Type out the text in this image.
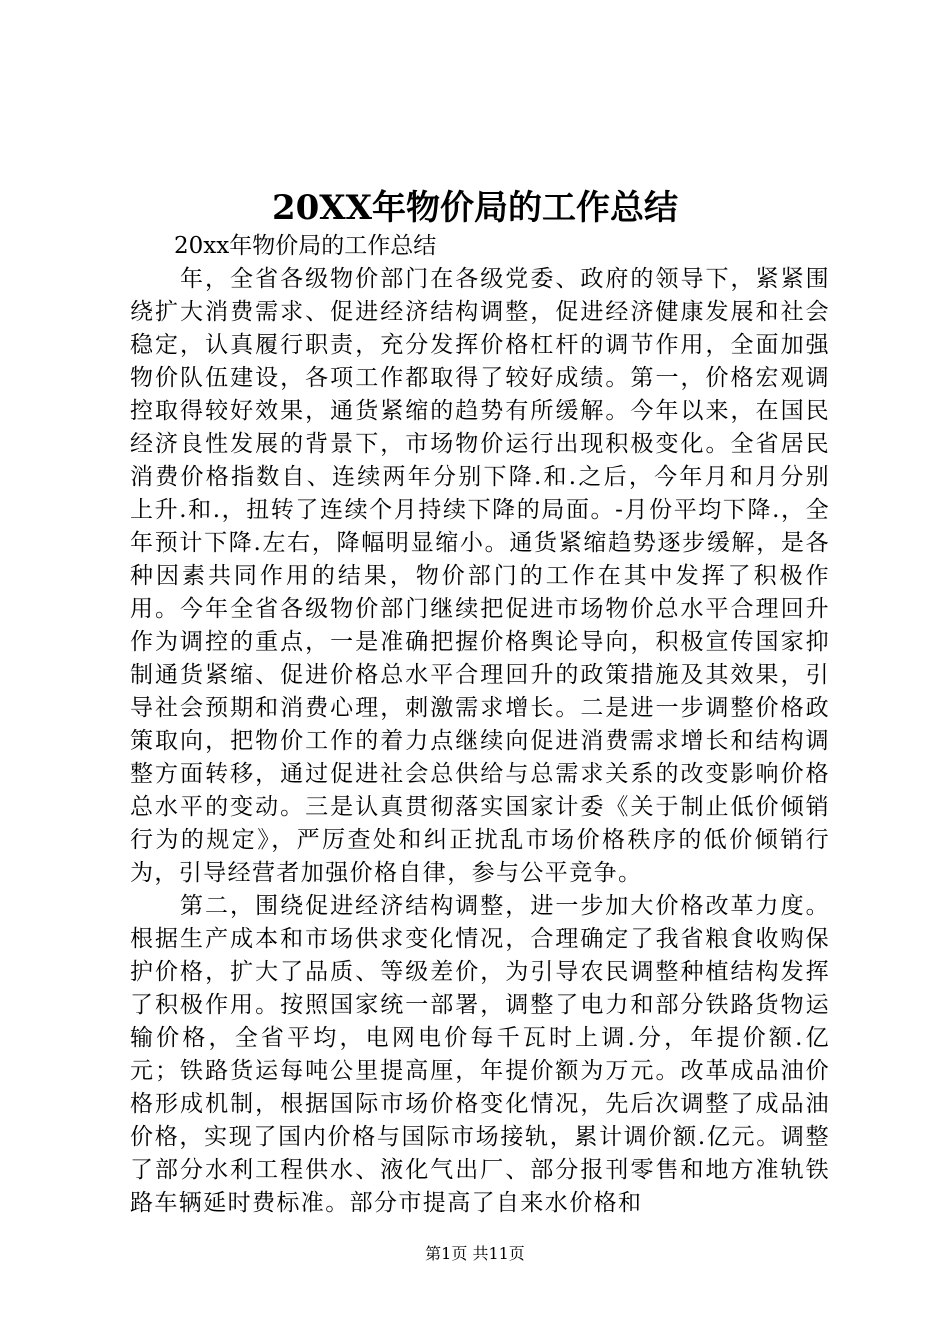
20XX年物价局的工作总结
20xx年物价局的工作总结

年，全省各级物价部门在各级党委、政府的领导下，紧紧围绕扩大消费需求、促进经济结构调整，促进经济健康发展和社会稳定，认真履行职责，充分发挥价格杠杆的调节作用，全面加强物价队伍建设，各项工作都取得了较好成绩。第一，价格宏观调控取得较好效果，通货紧缩的趋势有所缓解。今年以来，在国民经济良性发展的背景下，市场物价运行出现积极变化。全省居民消费价格指数自、连续两年分别下降.和.之后，今年月和月分别上升.和.，扭转了连续个月持续下降的局面。-月份平均下降.，全年预计下降.左右，降幅明显缩小。通货紧缩趋势逐步缓解，是各种因素共同作用的结果，物价部门的工作在其中发挥了积极作用。今年全省各级物价部门继续把促进市场物价总水平合理回升作为调控的重点，一是准确把握价格舆论导向，积极宣传国家抑制通货紧缩、促进价格总水平合理回升的政策措施及其效果，引导社会预期和消费心理，刺激需求增长。二是进一步调整价格政策取向，把物价工作的着力点继续向促进消费需求增长和结构调整方面转移，通过促进社会总供给与总需求关系的改变影响价格总水平的变动。三是认真贯彻落实国家计委《关于制止低价倾销行为的规定》，严厉查处和纠正扰乱市场价格秩序的低价倾销行为，引导经营者加强价格自律，参与公平竞争。

第二，围绕促进经济结构调整，进一步加大价格改革力度。根据生产成本和市场供求变化情况，合理确定了我省粮食收购保护价格，扩大了品质、等级差价，为引导农民调整种植结构发挥了积极作用。按照国家统一部署，调整了电力和部分铁路货物运输价格，全省平均，电网电价每千瓦时上调.分，年提价额.亿元；铁路货运每吨公里提高厘，年提价额为万元。改革成品油价格形成机制，根据国际市场价格变化情况，先后次调整了成品油价格，实现了国内价格与国际市场接轨，累计调价额.亿元。调整了部分水利工程供水、液化气出厂、部分报刊零售和地方准轨铁路车辆延时费标准。部分市提高了自来水价格和

第1页 共11页
